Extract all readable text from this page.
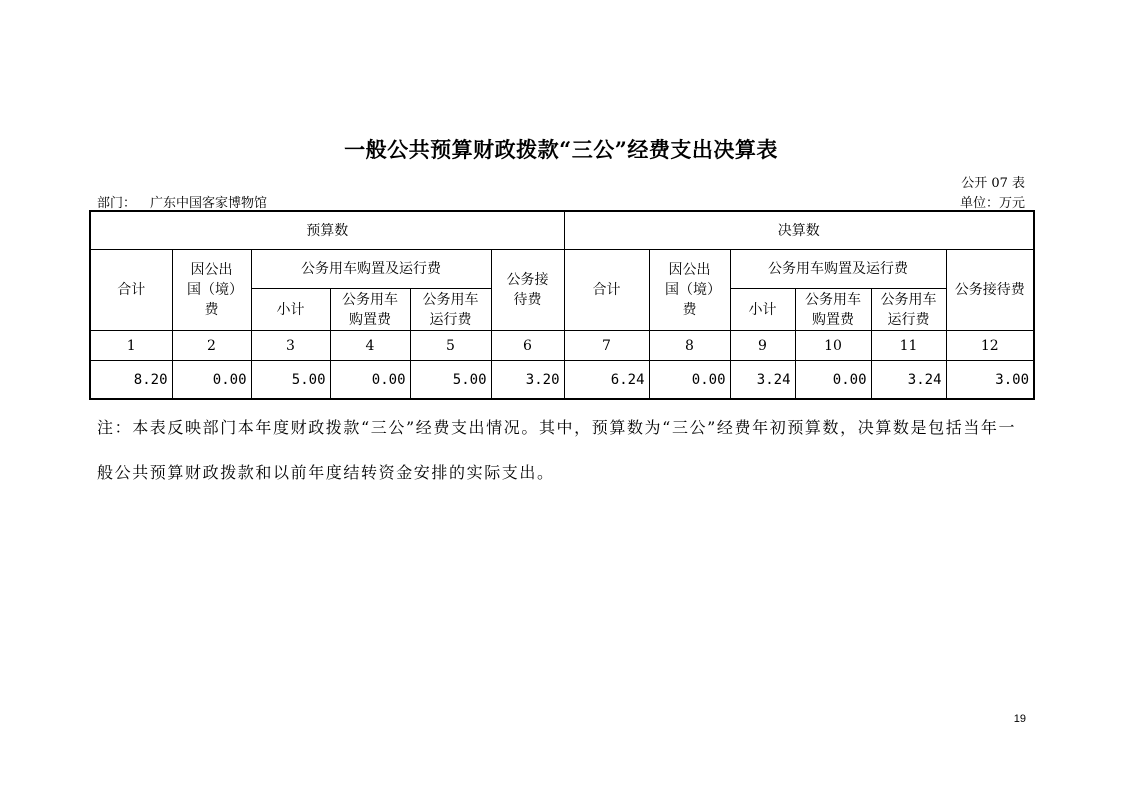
一般公共预算财政拨款“三公”经费支出决算表
公开 07 表
部门： 广东中国客家博物馆	单位：万元
预算数						决算数					
合计	因公出国（境）费	公务用车购置及运行费			公务接待费	合计	因公出国（境）费	公务用车购置及运行费			公务接待费
		小计	公务用车购置费	公务用车运行费				小计	公务用车购置费	公务用车运行费	
1	2	3	4	5	6	7	8	9	10	11	12
8.20	0.00	5.00	0.00	5.00	3.20	6.24	0.00	3.24	0.00	3.24	3.00
注：本表反映部门本年度财政拨款“三公”经费支出情况。其中，预算数为“三公”经费年初预算数，决算数是包括当年一般公共预算财政拨款和以前年度结转资金安排的实际支出。
19
